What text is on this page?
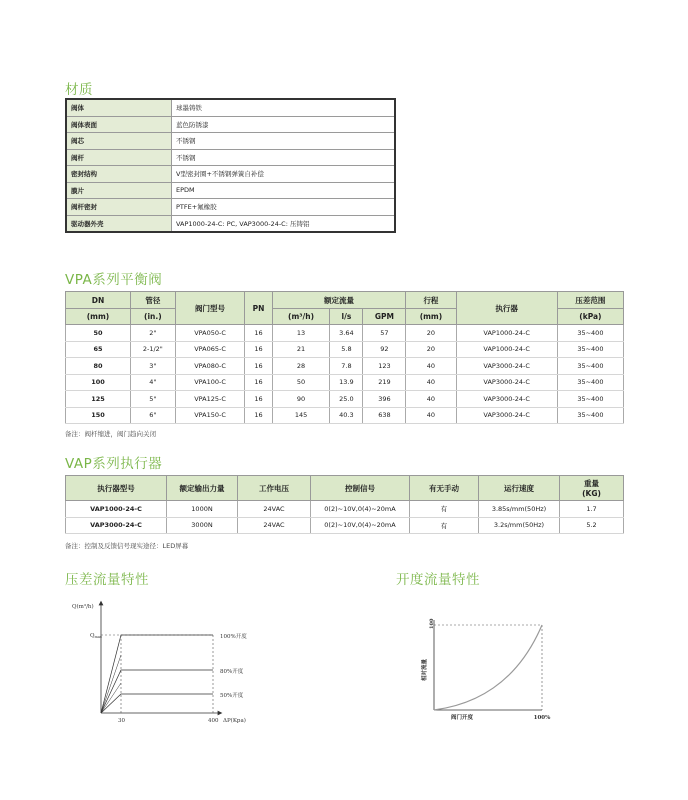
材质
阀体	球墨铸铁
阀体表面	蓝色防锈漆
阀芯	不锈钢
阀杆	不锈钢
密封结构	V型密封圈+不锈钢弹簧自补偿
膜片	EPDM
阀杆密封	PTFE+氟橡胶
驱动器外壳	VAP1000-24-C: PC, VAP3000-24-C: 压铸铝
VPA系列平衡阀
DN	管径	阀门型号	PN	额定流量			行程	执行器	压差范围
(mm)	(in.)			(m³/h)	l/s	GPM	(mm)		(kPa)
50	2"	VPA050-C	16	13	3.64	57	20	VAP1000-24-C	35~400
65	2-1/2"	VPA065-C	16	21	5.8	92	20	VAP1000-24-C	35~400
80	3"	VPA080-C	16	28	7.8	123	40	VAP3000-24-C	35~400
100	4"	VPA100-C	16	50	13.9	219	40	VAP3000-24-C	35~400
125	5"	VPA125-C	16	90	25.0	396	40	VAP3000-24-C	35~400
150	6"	VPA150-C	16	145	40.3	638	40	VAP3000-24-C	35~400
备注：阀杆缩进，阀门趋向关闭
VAP系列执行器
执行器型号	额定输出力量	工作电压	控制信号	有无手动	运行速度	重量
(KG)

VAP1000-24-C	1000N	24VAC	0(2)~10V,0(4)~20mA	有	3.85s/mm(50Hz)	1.7
VAP3000-24-C	3000N	24VAC	0(2)~10V,0(4)~20mA	有	3.2s/mm(50Hz)	5.2
备注：控制及反馈信号现实途径：LED屏幕
压差流量特性	开度流量特性
Q(m³/h)
Qmax	100%开度
80%开度
50%开度
30	400 ΔP(Kpa)
100
相对流量
阀门开度	100%
